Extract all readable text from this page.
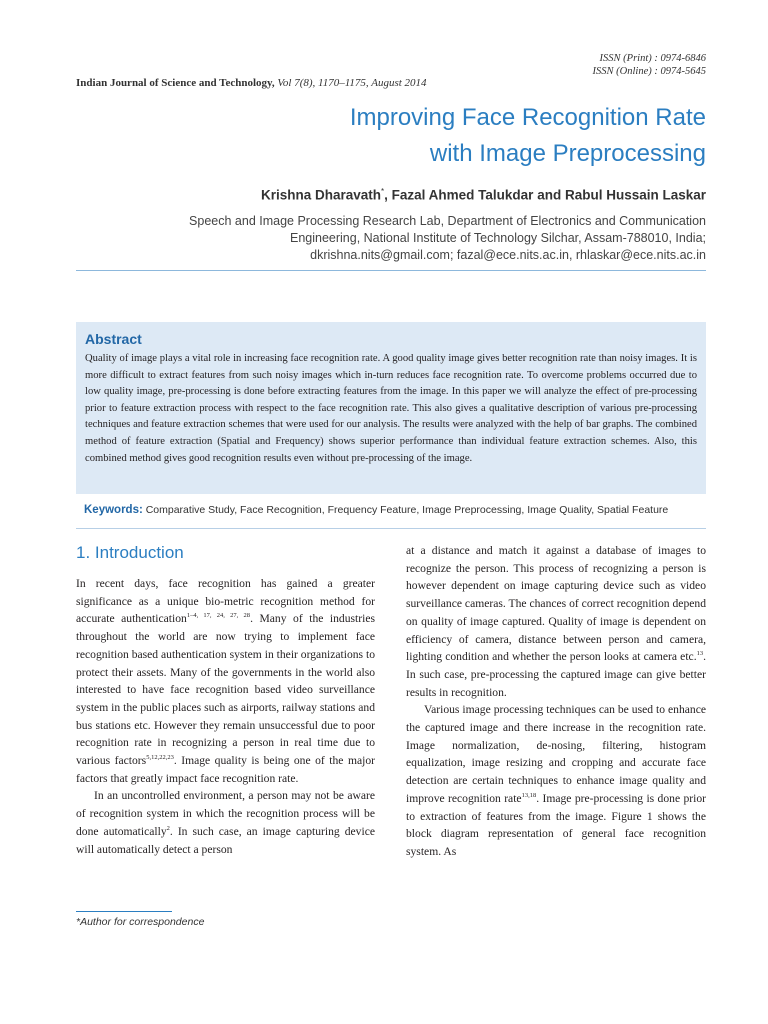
ISSN (Print) : 0974-6846
ISSN (Online) : 0974-5645
Indian Journal of Science and Technology, Vol 7(8), 1170–1175, August 2014
Improving Face Recognition Rate
with Image Preprocessing
Krishna Dharavath*, Fazal Ahmed Talukdar and Rabul Hussain Laskar
Speech and Image Processing Research Lab, Department of Electronics and Communication
Engineering, National Institute of Technology Silchar, Assam-788010, India;
dkrishna.nits@gmail.com; fazal@ece.nits.ac.in, rhlaskar@ece.nits.ac.in
Abstract
Quality of image plays a vital role in increasing face recognition rate. A good quality image gives better recognition rate than noisy images. It is more difficult to extract features from such noisy images which in-turn reduces face recognition rate. To overcome problems occurred due to low quality image, pre-processing is done before extracting features from the image. In this paper we will analyze the effect of pre-processing prior to feature extraction process with respect to the face recognition rate. This also gives a qualitative description of various pre-processing techniques and feature extraction schemes that were used for our analysis. The results were analyzed with the help of bar graphs. The combined method of feature extraction (Spatial and Frequency) shows superior performance than individual feature extraction schemes. Also, this combined method gives good recognition results even without pre-processing of the image.
Keywords: Comparative Study, Face Recognition, Frequency Feature, Image Preprocessing, Image Quality, Spatial Feature
1. Introduction

In recent days, face recognition has gained a greater significance as a unique bio-metric recognition method for accurate authentication$^{1-4, 17, 24, 27, 28}$. Many of the industries throughout the world are now trying to implement face recognition based authentication system in their organizations to protect their assets. Many of the governments in the world also interested to have face recognition based video surveillance system in the public places such as airports, railway stations and bus stations etc. However they remain unsuccessful due to poor recognition rate in recognizing a person in real time due to various factors$^{5,12,22,23}$. Image quality is being one of the major factors that greatly impact face recognition rate.

In an uncontrolled environment, a person may not be aware of recognition system in which the recognition process will be done automatically$^2$. In such case, an image capturing device will automatically detect a person

at a distance and match it against a database of images to recognize the person. This process of recognizing a person is however dependent on image capturing device such as video surveillance cameras. The chances of correct recognition depend on quality of image captured. Quality of image is dependent on efficiency of camera, distance between person and camera, lighting condition and whether the person looks at camera etc.$^{13}$. In such case, pre-processing the captured image can give better results in recognition.

Various image processing techniques can be used to enhance the captured image and there increase in the recognition rate. Image normalization, de-nosing, filtering, histogram equalization, image resizing and cropping and accurate face detection are certain techniques to enhance image quality and improve recognition rate$^{13,18}$. Image pre-processing is done prior to extraction of features from the image. Figure 1 shows the block diagram representation of general face recognition system. As

*Author for correspondence
